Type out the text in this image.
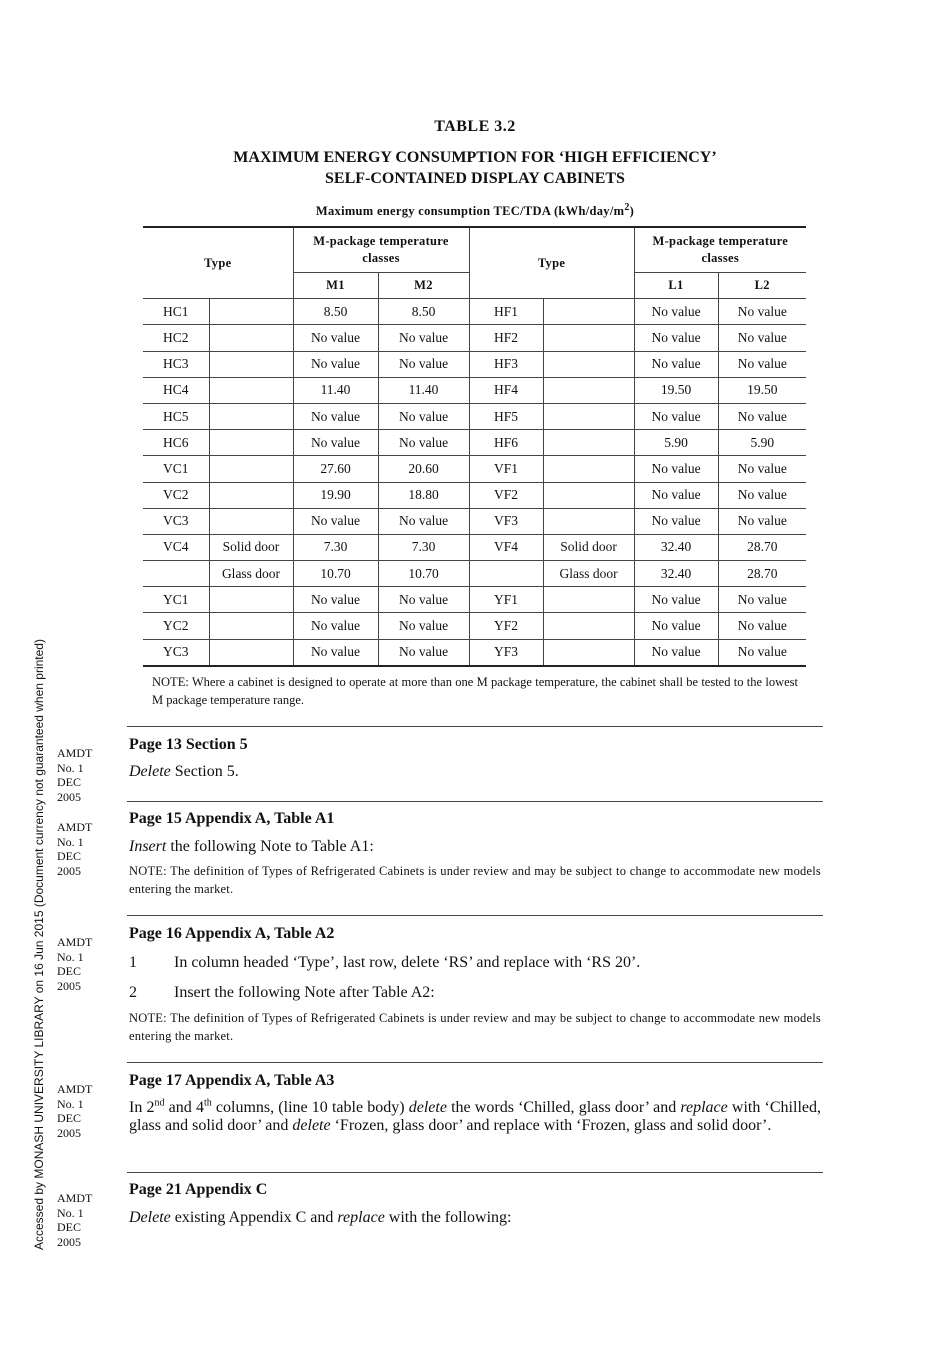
TABLE 3.2
MAXIMUM ENERGY CONSUMPTION FOR ‘HIGH EFFICIENCY’
SELF-CONTAINED DISPLAY CABINETS
Maximum energy consumption TEC/TDA $(kWh/day/m^2)$
Type		M-package temperature classes		Type		M-package temperature classes	
		M1	M2			L1	L2
HC1		8.50	8.50	HF1		No value	No value
HC2		No value	No value	HF2		No value	No value
HC3		No value	No value	HF3		No value	No value
HC4		11.40	11.40	HF4		19.50	19.50
HC5		No value	No value	HF5		No value	No value
HC6		No value	No value	HF6		5.90	5.90
VC1		27.60	20.60	VF1		No value	No value
VC2		19.90	18.80	VF2		No value	No value
VC3		No value	No value	VF3		No value	No value
VC4	Solid door	7.30	7.30	VF4	Solid door	32.40	28.70
	Glass door	10.70	10.70		Glass door	32.40	28.70
YC1		No value	No value	YF1		No value	No value
YC2		No value	No value	YF2		No value	No value
YC3		No value	No value	YF3		No value	No value
NOTE: Where a cabinet is designed to operate at more than one M package temperature, the cabinet shall be tested to the lowest M package temperature range.
AMDT
No. 1
DEC
2005
Page 13 Section 5
Delete Section 5.
AMDT
No. 1
DEC
2005
Page 15 Appendix A, Table A1
Insert the following Note to Table A1:
NOTE: The definition of Types of Refrigerated Cabinets is under review and may be subject to change to accommodate new models entering the market.
AMDT
No. 1
DEC
2005
Page 16 Appendix A, Table A2
1 In column headed ‘Type’, last row, delete ‘RS’ and replace with ‘RS 20’.
2 Insert the following Note after Table A2:
NOTE: The definition of Types of Refrigerated Cabinets is under review and may be subject to change to accommodate new models entering the market.
AMDT
No. 1
DEC
2005
Page 17 Appendix A, Table A3
In 2nd and 4th columns, (line 10 table body) delete the words ‘Chilled, glass door’ and replace with ‘Chilled, glass and solid door’ and delete ‘Frozen, glass door’ and replace with ‘Frozen, glass and solid door’.
AMDT
No. 1
DEC
2005
Page 21 Appendix C
Delete existing Appendix C and replace with the following:
Accessed by MONASH UNIVERSITY LIBRARY on 16 Jun 2015 (Document currency not guaranteed when printed)
